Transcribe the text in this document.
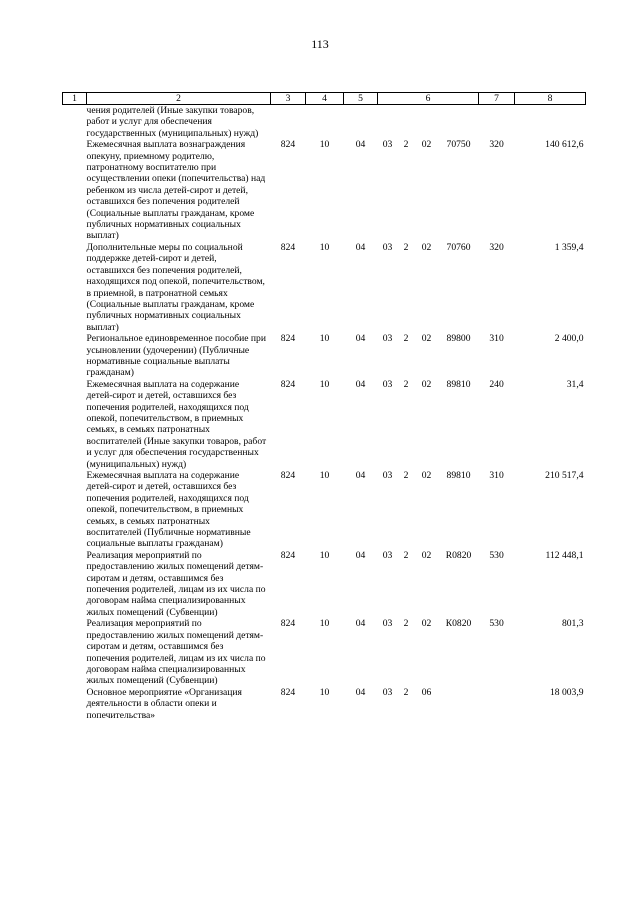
113
1	2	3	4	5	6				7	8
	чения родителей (Иные закупки товаров, работ и услуг для обеспечения государственных (муниципальных) нужд)									
	Ежемесячная выплата вознаграждения опекуну, приемному родителю, патронатному воспитателю при осуществлении опеки (попечительства) над ребенком из числа детей-сирот и детей, оставшихся без попечения родителей (Социальные выплаты гражданам, кроме публичных нормативных социальных выплат)	824	10	04	03	2	02	70750	320	140 612,6
	Дополнительные меры по социальной поддержке детей-сирот и детей, оставшихся без попечения родителей, находящихся под опекой, попечительством, в приемной, в патронатной семьях (Социальные выплаты гражданам, кроме публичных нормативных социальных выплат)	824	10	04	03	2	02	70760	320	1 359,4
	Региональное единовременное пособие при усыновлении (удочерении) (Публичные нормативные социальные выплаты гражданам)	824	10	04	03	2	02	89800	310	2 400,0
	Ежемесячная выплата на содержание детей-сирот и детей, оставшихся без попечения родителей, находящихся под опекой, попечительством, в приемных семьях, в семьях патронатных воспитателей (Иные закупки товаров, работ и услуг для обеспечения государственных (муниципальных) нужд)	824	10	04	03	2	02	89810	240	31,4
	Ежемесячная выплата на содержание детей-сирот и детей, оставшихся без попечения родителей, находящихся под опекой, попечительством, в приемных семьях, в семьях патронатных воспитателей (Публичные нормативные социальные выплаты гражданам)	824	10	04	03	2	02	89810	310	210 517,4
	Реализация мероприятий по предоставлению жилых помещений детям-сиротам и детям, оставшимся без попечения родителей, лицам из их числа по договорам найма специализированных жилых помещений (Субвенции)	824	10	04	03	2	02	R0820	530	112 448,1
	Реализация мероприятий по предоставлению жилых помещений детям-сиротам и детям, оставшимся без попечения родителей, лицам из их числа по договорам найма специализированных жилых помещений (Субвенции)	824	10	04	03	2	02	К0820	530	801,3
	Основное мероприятие «Организация деятельности в области опеки и попечительства»	824	10	04	03	2	06			18 003,9
